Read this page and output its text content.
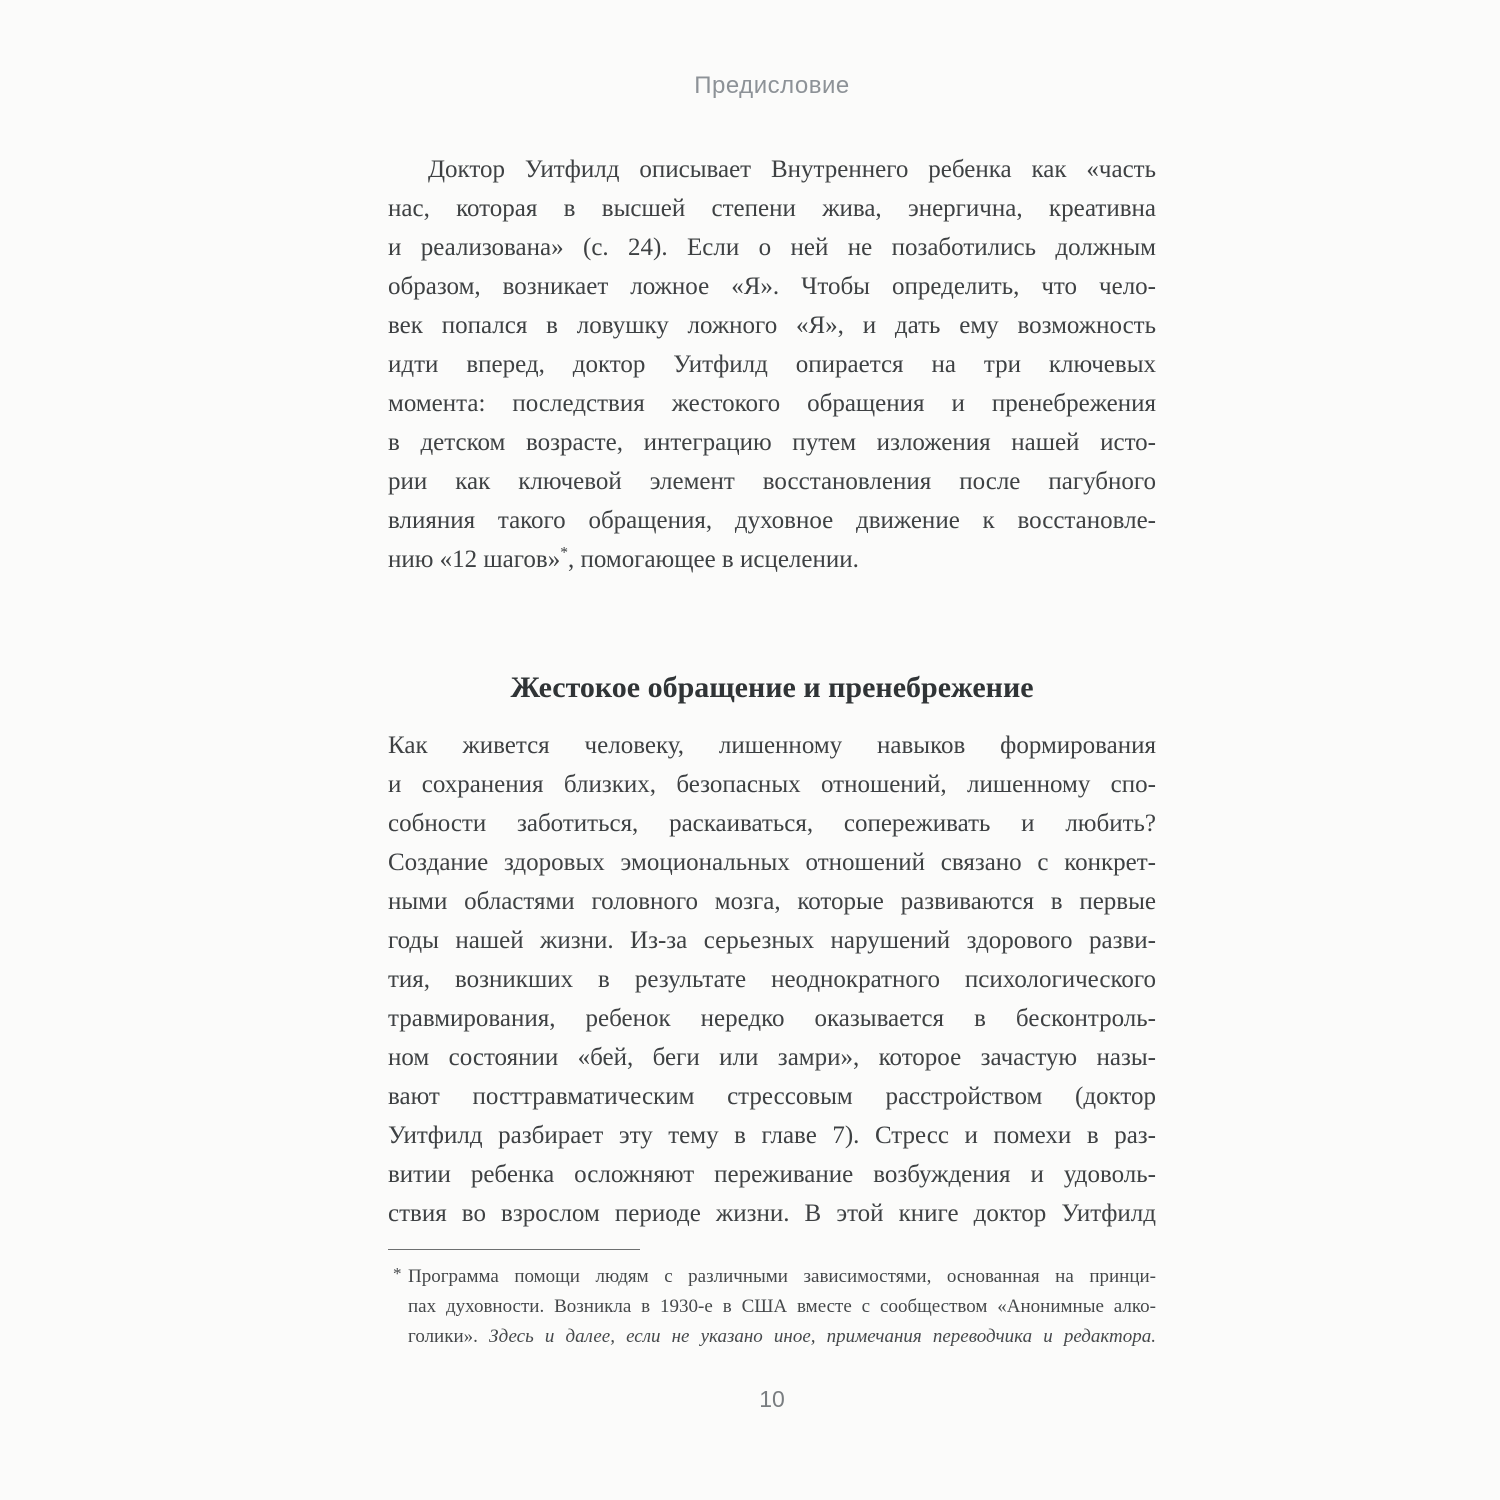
Предисловие
Доктор Уитфилд описывает Внутреннего ребенка как «часть
нас, которая в высшей степени жива, энергична, креативна
и реализована» (с. 24). Если о ней не позаботились должным
образом, возникает ложное «Я». Чтобы определить, что чело-
век попался в ловушку ложного «Я», и дать ему возможность
идти вперед, доктор Уитфилд опирается на три ключевых
момента: последствия жестокого обращения и пренебрежения
в детском возрасте, интеграцию путем изложения нашей исто-
рии как ключевой элемент восстановления после пагубного
влияния такого обращения, духовное движение к восстановле-
нию «12 шагов»*, помогающее в исцелении.
Жестокое обращение и пренебрежение
Как живется человеку, лишенному навыков формирования
и сохранения близких, безопасных отношений, лишенному спо-
собности заботиться, раскаиваться, сопереживать и любить?
Создание здоровых эмоциональных отношений связано с конкрет-
ными областями головного мозга, которые развиваются в первые
годы нашей жизни. Из-за серьезных нарушений здорового разви-
тия, возникших в результате неоднократного психологического
травмирования, ребенок нередко оказывается в бесконтроль-
ном состоянии «бей, беги или замри», которое зачастую назы-
вают посттравматическим стрессовым расстройством (доктор
Уитфилд разбирает эту тему в главе 7). Стресс и помехи в раз-
витии ребенка осложняют переживание возбуждения и удоволь-
ствия во взрослом периоде жизни. В этой книге доктор Уитфилд
* Программа помощи людям с различными зависимостями, основанная на принци-
пах духовности. Возникла в 1930-е в США вместе с сообществом «Анонимные алко-
голики». Здесь и далее, если не указано иное, примечания переводчика и редактора.
10
